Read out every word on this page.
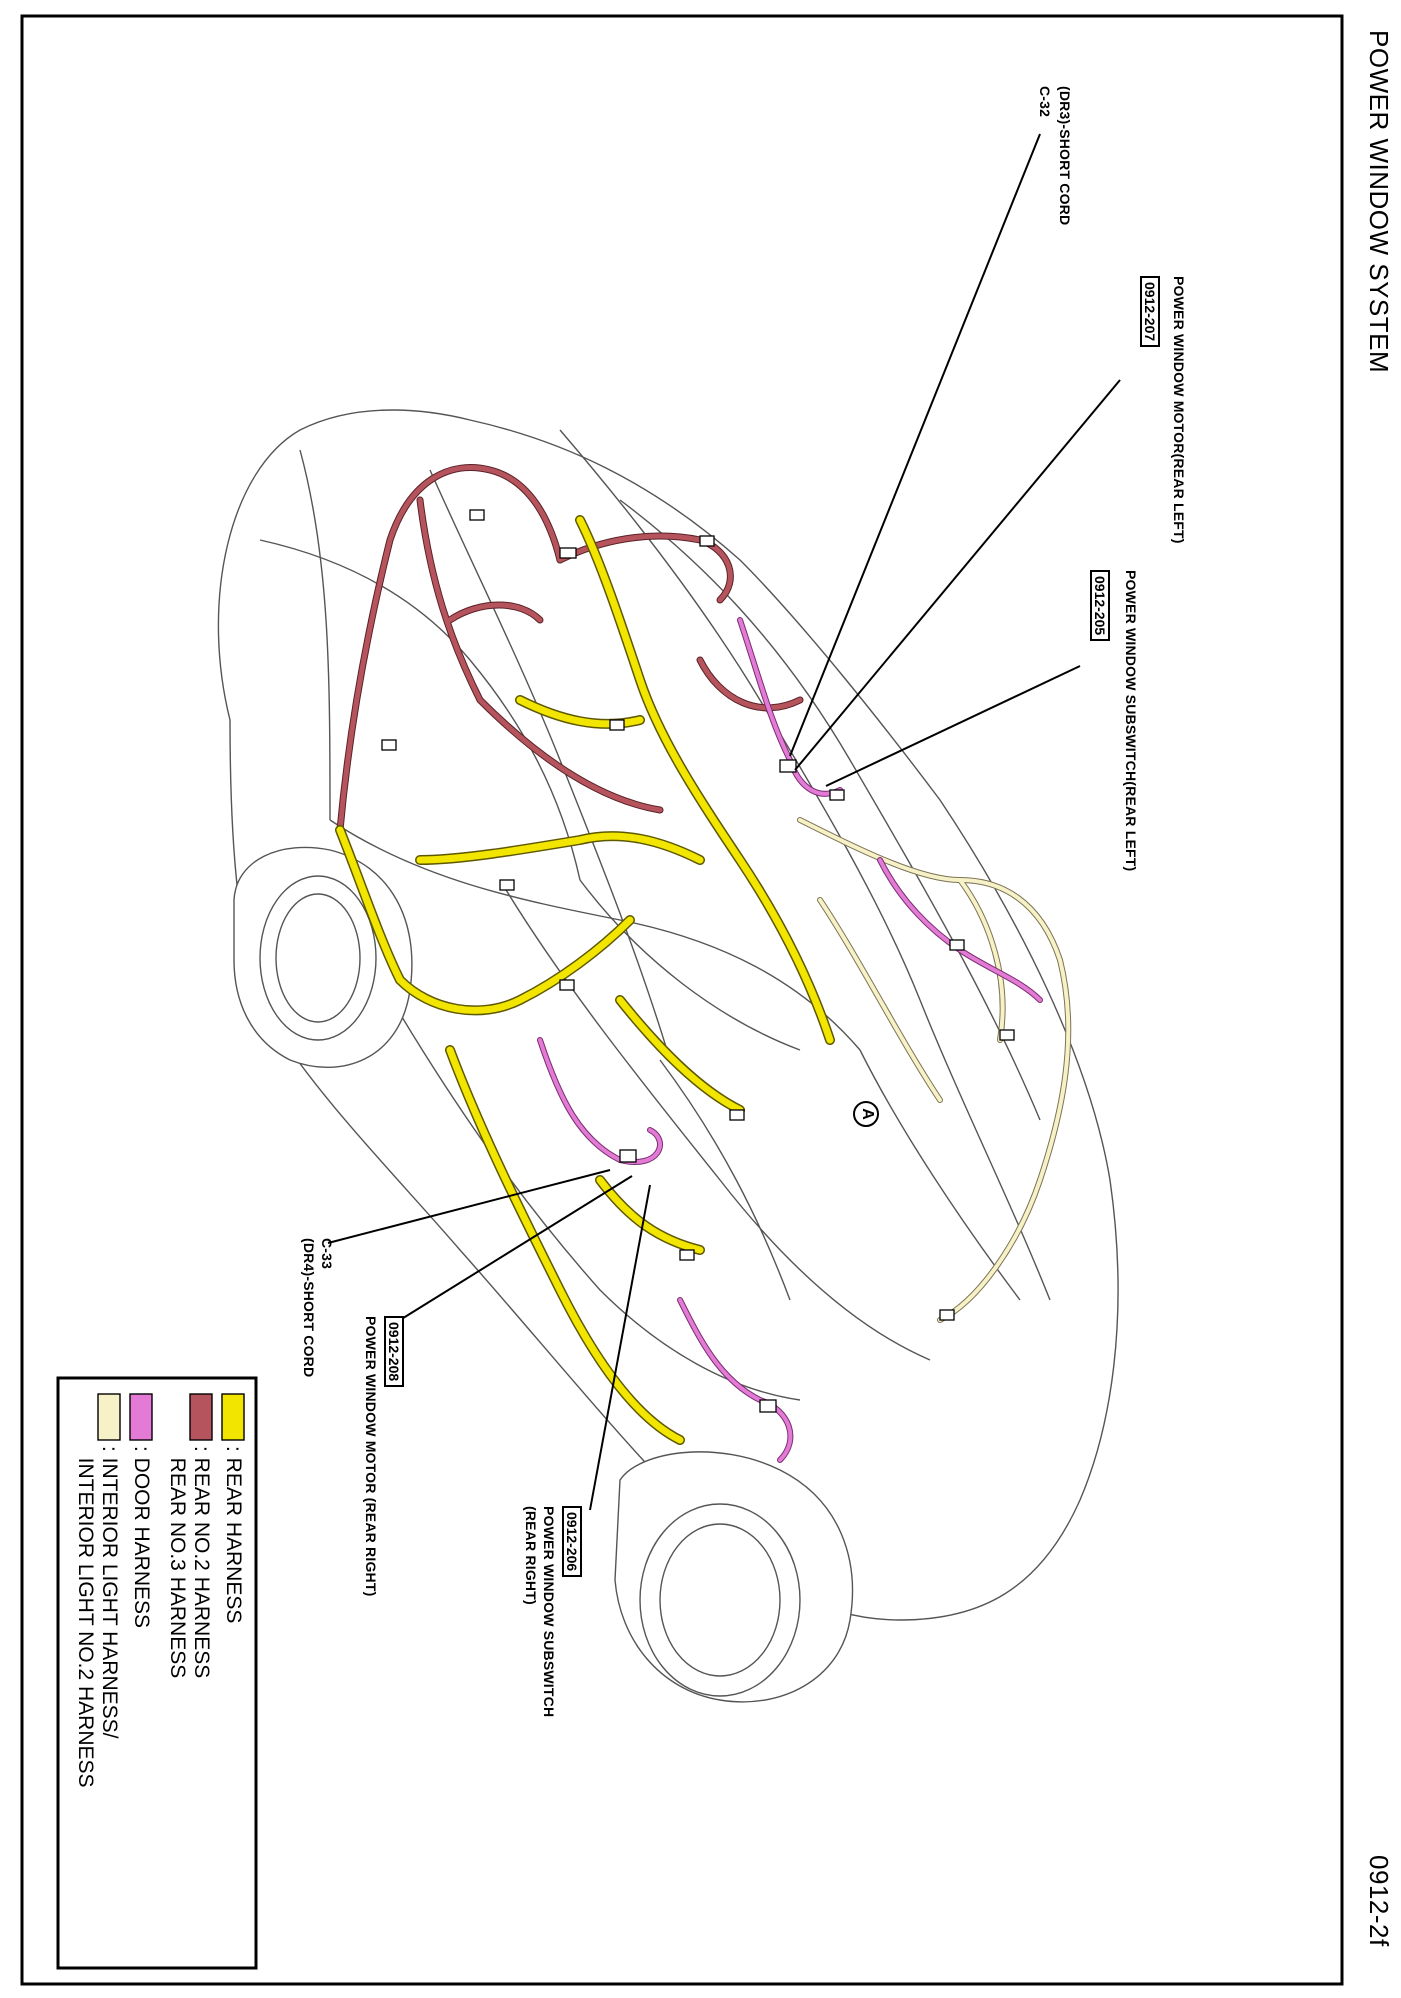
POWER WINDOW SYSTEM
0912-2f
(DR3)-SHORT CORD
C-32
POWER WINDOW MOTOR(REAR LEFT)
0912-207
POWER WINDOW SUBSWITCH(REAR LEFT)
0912-205
C-33
(DR4)-SHORT CORD	0912-208
POWER WINDOW MOTOR (REAR RIGHT)	0912-206
POWER WINDOW SUBSWITCH
(REAR RIGHT)
A
: REAR HARNESS
: REAR NO.2 HARNESS
REAR NO.3 HARNESS
: DOOR HARNESS
: INTERIOR LIGHT HARNESS/
INTERIOR LIGHT NO.2 HARNESS
